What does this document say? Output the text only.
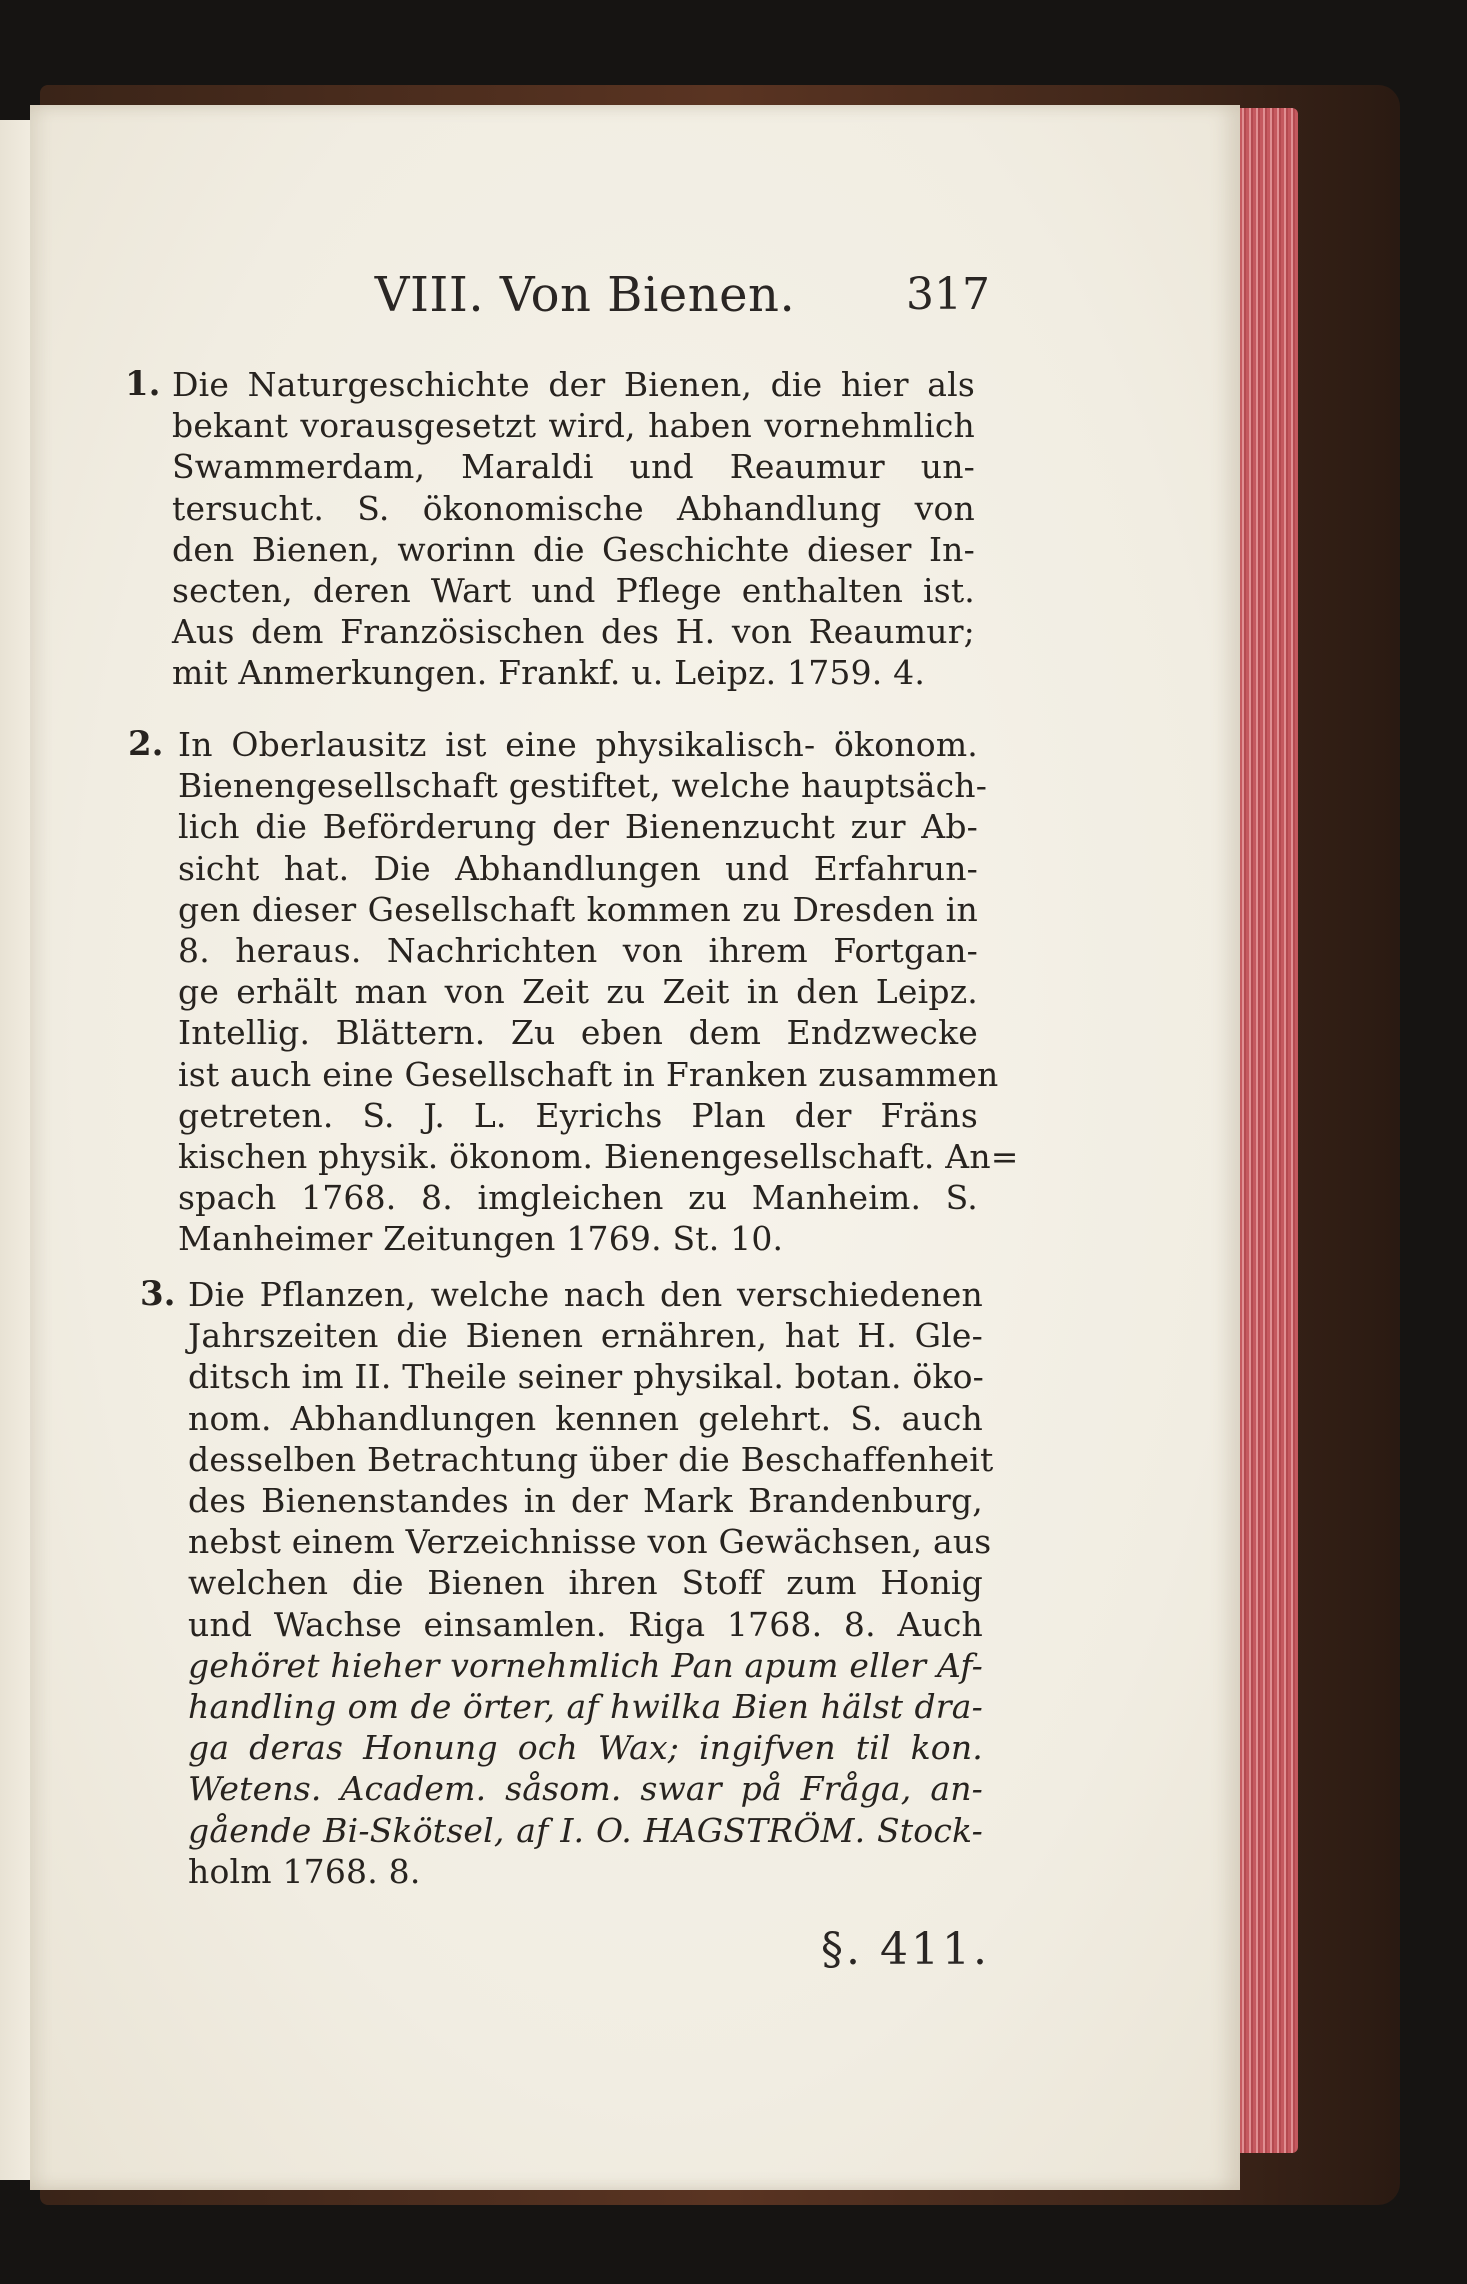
VIII. Von Bienen.	317
1. Die Naturgeschichte der Bienen, die hier als
bekant vorausgesetzt wird, haben vornehmlich
Swammerdam, Maraldi und Reaumur un-
tersucht. S. ökonomische Abhandlung von
den Bienen, worinn die Geschichte dieser In-
secten, deren Wart und Pflege enthalten ist.
Aus dem Französischen des H. von Reaumur;
mit Anmerkungen. Frankf. u. Leipz. 1759. 4.
2. In Oberlausitz ist eine physikalisch- ökonom.
Bienengesellschaft gestiftet, welche hauptsäch-
lich die Beförderung der Bienenzucht zur Ab-
sicht hat. Die Abhandlungen und Erfahrun-
gen dieser Gesellschaft kommen zu Dresden in
8. heraus. Nachrichten von ihrem Fortgan-
ge erhält man von Zeit zu Zeit in den Leipz.
Intellig. Blättern. Zu eben dem Endzwecke
ist auch eine Gesellschaft in Franken zusammen
getreten. S. J. L. Eyrichs Plan der Fräns
kischen physik. ökonom. Bienengesellschaft. An=
spach 1768. 8. imgleichen zu Manheim. S.
Manheimer Zeitungen 1769. St. 10.
3. Die Pflanzen, welche nach den verschiedenen
Jahrszeiten die Bienen ernähren, hat H. Gle-
ditsch im II. Theile seiner physikal. botan. öko-
nom. Abhandlungen kennen gelehrt. S. auch
desselben Betrachtung über die Beschaffenheit
des Bienenstandes in der Mark Brandenburg,
nebst einem Verzeichnisse von Gewächsen, aus
welchen die Bienen ihren Stoff zum Honig
und Wachse einsamlen. Riga 1768. 8. Auch
gehöret hieher vornehmlich Pan apum eller Af-
handling om de örter, af hwilka Bien hälst dra-
ga deras Honung och Wax; ingifven til kon.
Wetens. Academ. såsom. swar på Fråga, an-
gående Bi-Skötsel, af I. O. HAGSTRÖM. Stock-
holm 1768. 8.
§. 411.
